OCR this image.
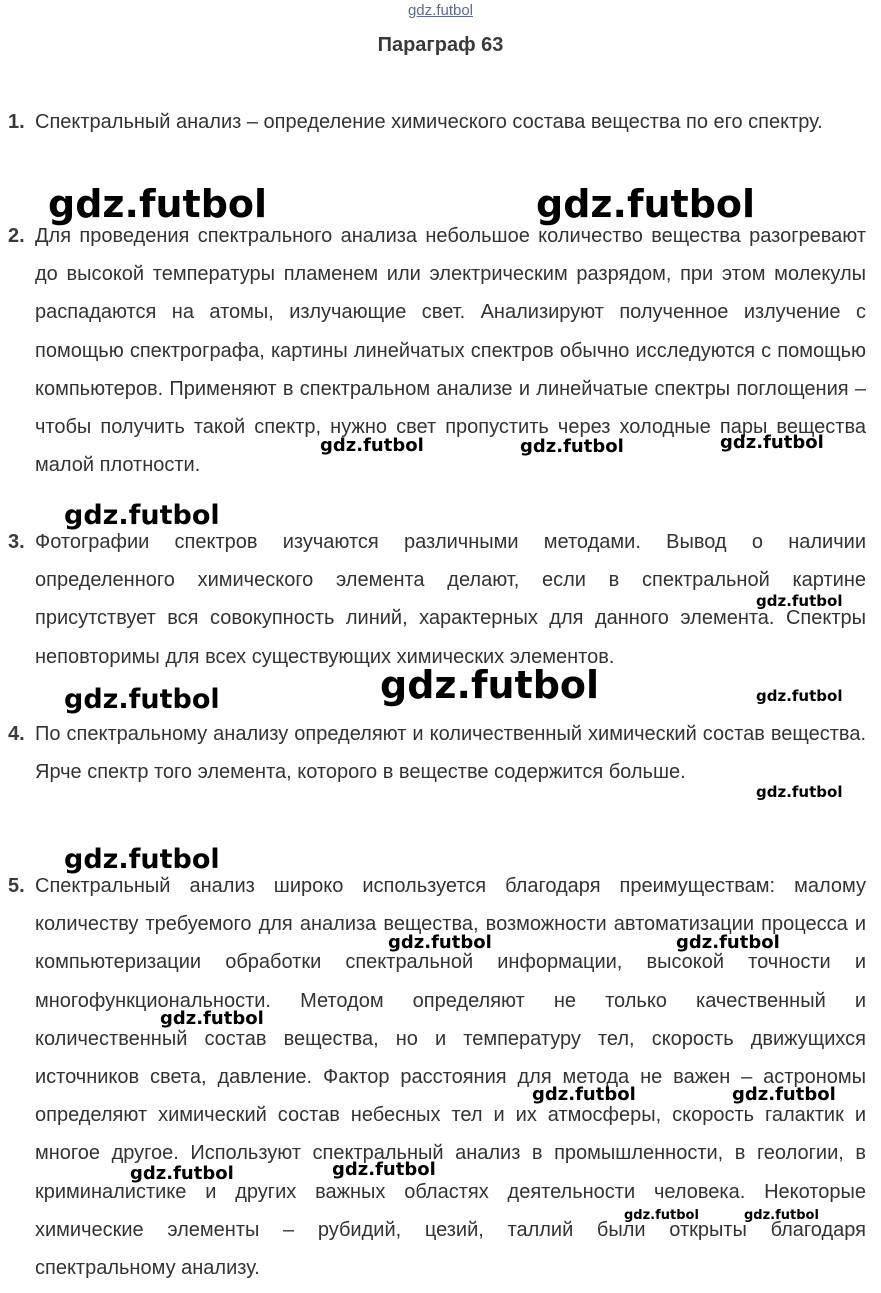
gdz.futbol
Параграф 63
1. Спектральный анализ – определение химического состава вещества по его спектру.
2. Для проведения спектрального анализа небольшое количество вещества разогревают до высокой температуры пламенем или электрическим разрядом, при этом молекулы распадаются на атомы, излучающие свет. Анализируют полученное излучение с помощью спектрографа, картины линейчатых спектров обычно исследуются с помощью компьютеров. Применяют в спектральном анализе и линейчатые спектры поглощения – чтобы получить такой спектр, нужно свет пропустить через холодные пары вещества малой плотности.
3. Фотографии спектров изучаются различными методами. Вывод о наличии определенного химического элемента делают, если в спектральной картине присутствует вся совокупность линий, характерных для данного элемента. Спектры неповторимы для всех существующих химических элементов.
4. По спектральному анализу определяют и количественный химический состав вещества. Ярче спектр того элемента, которого в веществе содержится больше.
5. Спектральный анализ широко используется благодаря преимуществам: малому количеству требуемого для анализа вещества, возможности автоматизации процесса и компьютеризации обработки спектральной информации, высокой точности и многофункциональности. Методом определяют не только качественный и количественный состав вещества, но и температуру тел, скорость движущихся источников света, давление. Фактор расстояния для метода не важен – астрономы определяют химический состав небесных тел и их атмосферы, скорость галактик и многое другое. Используют спектральный анализ в промышленности, в геологии, в криминалистике и других важных областях деятельности человека. Некоторые химические элементы – рубидий, цезий, таллий были открыты благодаря спектральному анализу.
gdz.futbol	gdz.futbol
gdz.futbol	gdz.futbol	gdz.futbol
gdz.futbol
gdz.futbol
gdz.futbol
gdz.futbol	gdz.futbol
gdz.futbol
gdz.futbol
gdz.futbol	gdz.futbol
gdz.futbol
gdz.futbol	gdz.futbol
gdz.futbol
gdz.futbol
gdz.futbol	gdz.futbol
